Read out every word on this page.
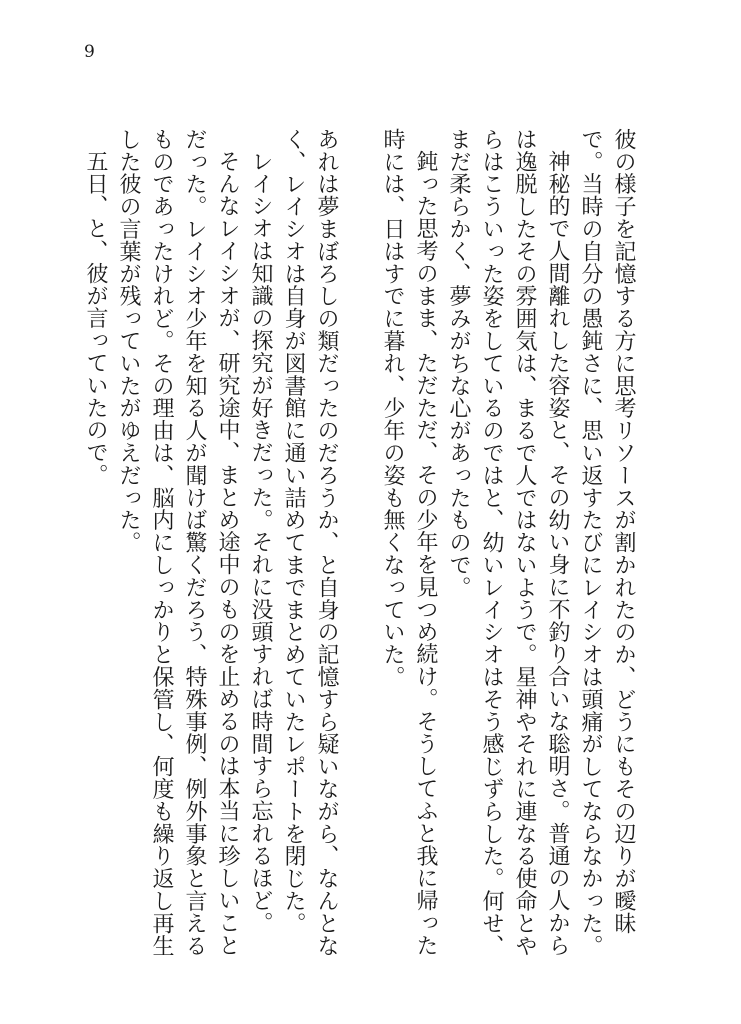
9

彼の様子を記憶する方に思考リソースが割かれたのか、どうにもその辺りが曖昧で。当時の自分の愚鈍さに、思い返すたびにレイシオは頭痛がしてならなかった。

神秘的で人間離れした容姿と、その幼い身に不釣り合いな聡明さ。普通の人からは逸脱したその雰囲気は、まるで人ではないようで。星神やそれに連なる使命とやらはこういった姿をしているのではと、幼いレイシオはそう感じずらした。何せ、まだ柔らかく、夢みがちな心があったもので。

鈍った思考のまま、ただただ、その少年を見つめ続け。そうしてふと我に帰った時には、日はすでに暮れ、少年の姿も無くなっていた。

あれは夢まぼろしの類だったのだろうか、と自身の記憶すら疑いながら、なんとなく、レイシオは自身が図書館に通い詰めてまでまとめていたレポートを閉じた。

レイシオは知識の探究が好きだった。それに没頭すれば時間すら忘れるほど。

そんなレイシオが、研究途中、まとめ途中のものを止めるのは本当に珍しいことだった。レイシオ少年を知る人が聞けば驚くだろう、特殊事例、例外事象と言えるものであったけれど。その理由は、脳内にしっかりと保管し、何度も繰り返し再生した彼の言葉が残っていたがゆえだった。

五日、と、彼が言っていたので。
